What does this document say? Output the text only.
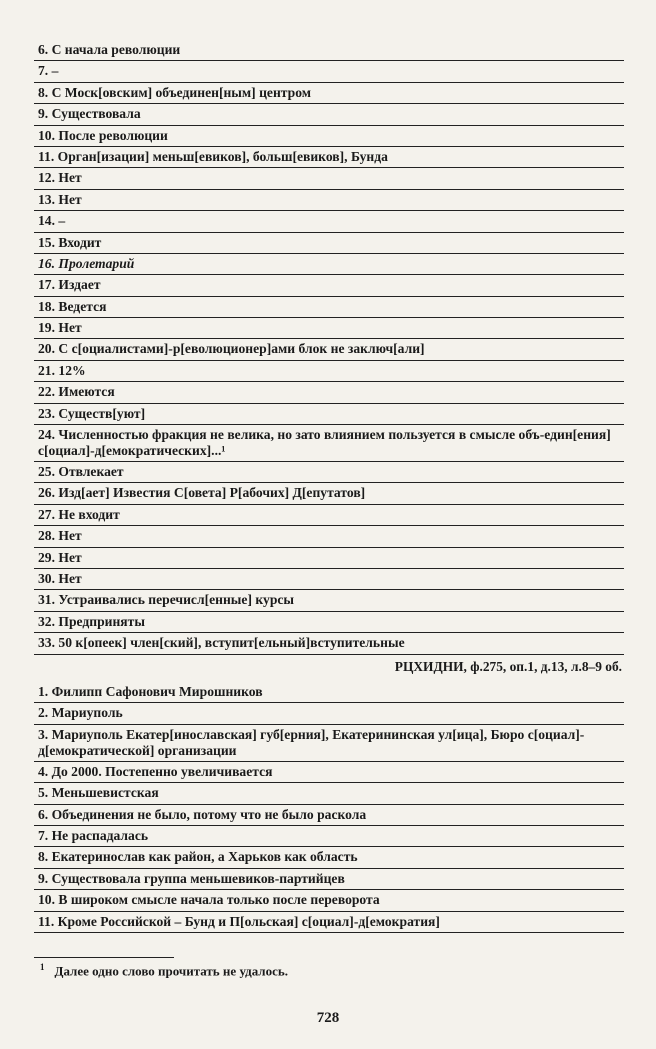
6. С начала революции
7. –
8. С Моск[овским] объединен[ным] центром
9. Существовала
10. После революции
11. Орган[изации] меньш[евиков], больш[евиков], Бунда
12. Нет
13. Нет
14. –
15. Входит
16. Пролетарий
17. Издает
18. Ведется
19. Нет
20. С с[оциалистами]-р[еволюционер]ами блок не заключ[али]
21. 12%
22. Имеются
23. Существ[уют]
24. Численностью фракция не велика, но зато влиянием пользуется в смысле объ-един[ения] с[оциал]-д[емократических]...¹
25. Отвлекает
26. Изд[ает] Известия С[овета] Р[абочих] Д[епутатов]
27. Не входит
28. Нет
29. Нет
30. Нет
31. Устраивались перечисл[енные] курсы
32. Предприняты
33. 50 к[опеек] член[ский], вступит[ельный]вступительные
РЦХИДНИ, ф.275, оп.1, д.13, л.8–9 об.
1. Филипп Сафонович Мирошников
2. Мариуполь
3. Мариуполь Екатер[инославская] губ[ерния], Екатерининская ул[ица], Бюро с[оциал]-д[емократической] организации
4. До 2000. Постепенно увеличивается
5. Меньшевистская
6. Объединения не было, потому что не было раскола
7. Не распадалась
8. Екатеринослав как район, а Харьков как область
9. Существовала группа меньшевиков-партийцев
10. В широком смысле начала только после переворота
11. Кроме Российской – Бунд и П[ольская] с[оциал]-д[емократия]
$^1$ Далее одно слово прочитать не удалось.
728
